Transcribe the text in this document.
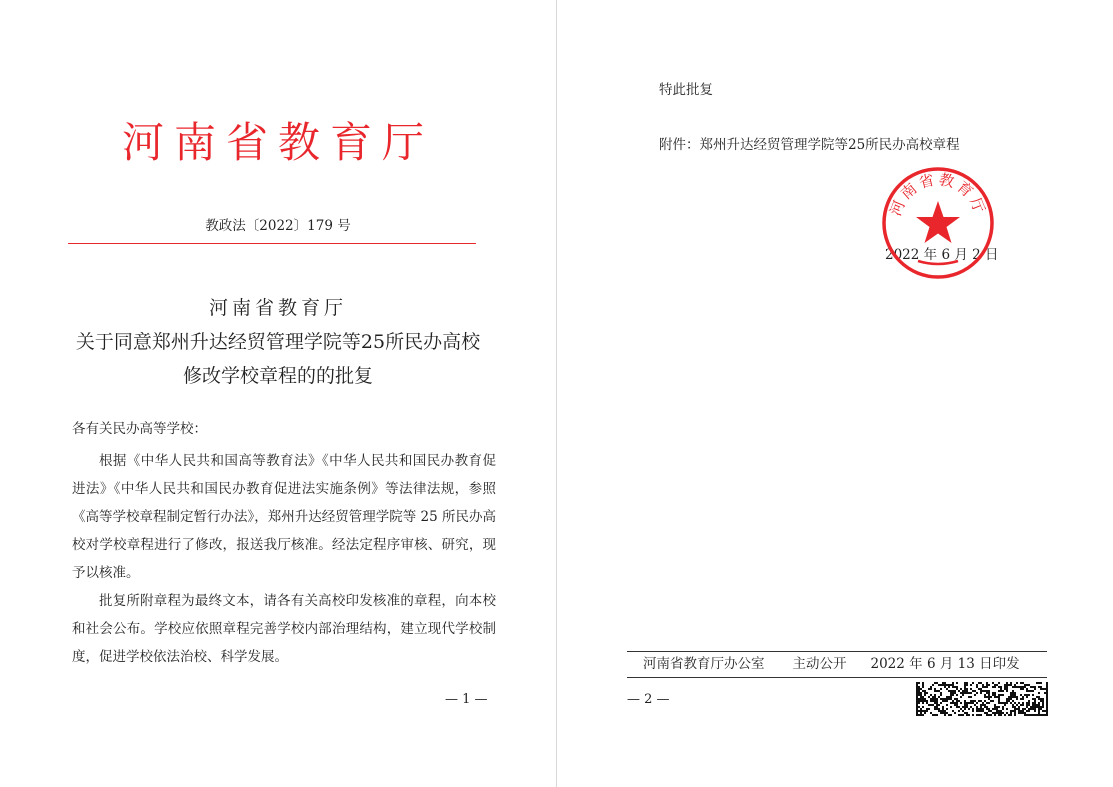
河南省教育厅
教政法〔2022〕179 号
河南省教育厅
关于同意郑州升达经贸管理学院等25所民办高校
修改学校章程的的批复
各有关民办高等学校：

根据《中华人民共和国高等教育法》《中华人民共和国民办教育促进法》《中华人民共和国民办教育促进法实施条例》等法律法规，参照《高等学校章程制定暂行办法》，郑州升达经贸管理学院等 25 所民办高校对学校章程进行了修改，报送我厅核准。经法定程序审核、研究，现予以核准。

批复所附章程为最终文本，请各有关高校印发核准的章程，向本校和社会公布。学校应依照章程完善学校内部治理结构，建立现代学校制度，促进学校依法治校、科学发展。

— 1 —
特此批复
附件：郑州升达经贸管理学院等25所民办高校章程
2022 年 6 月 2 日
河南省教育厅
河南省教育厅办公室 主动公开 2022 年 6 月 13 日印发
— 2 —
